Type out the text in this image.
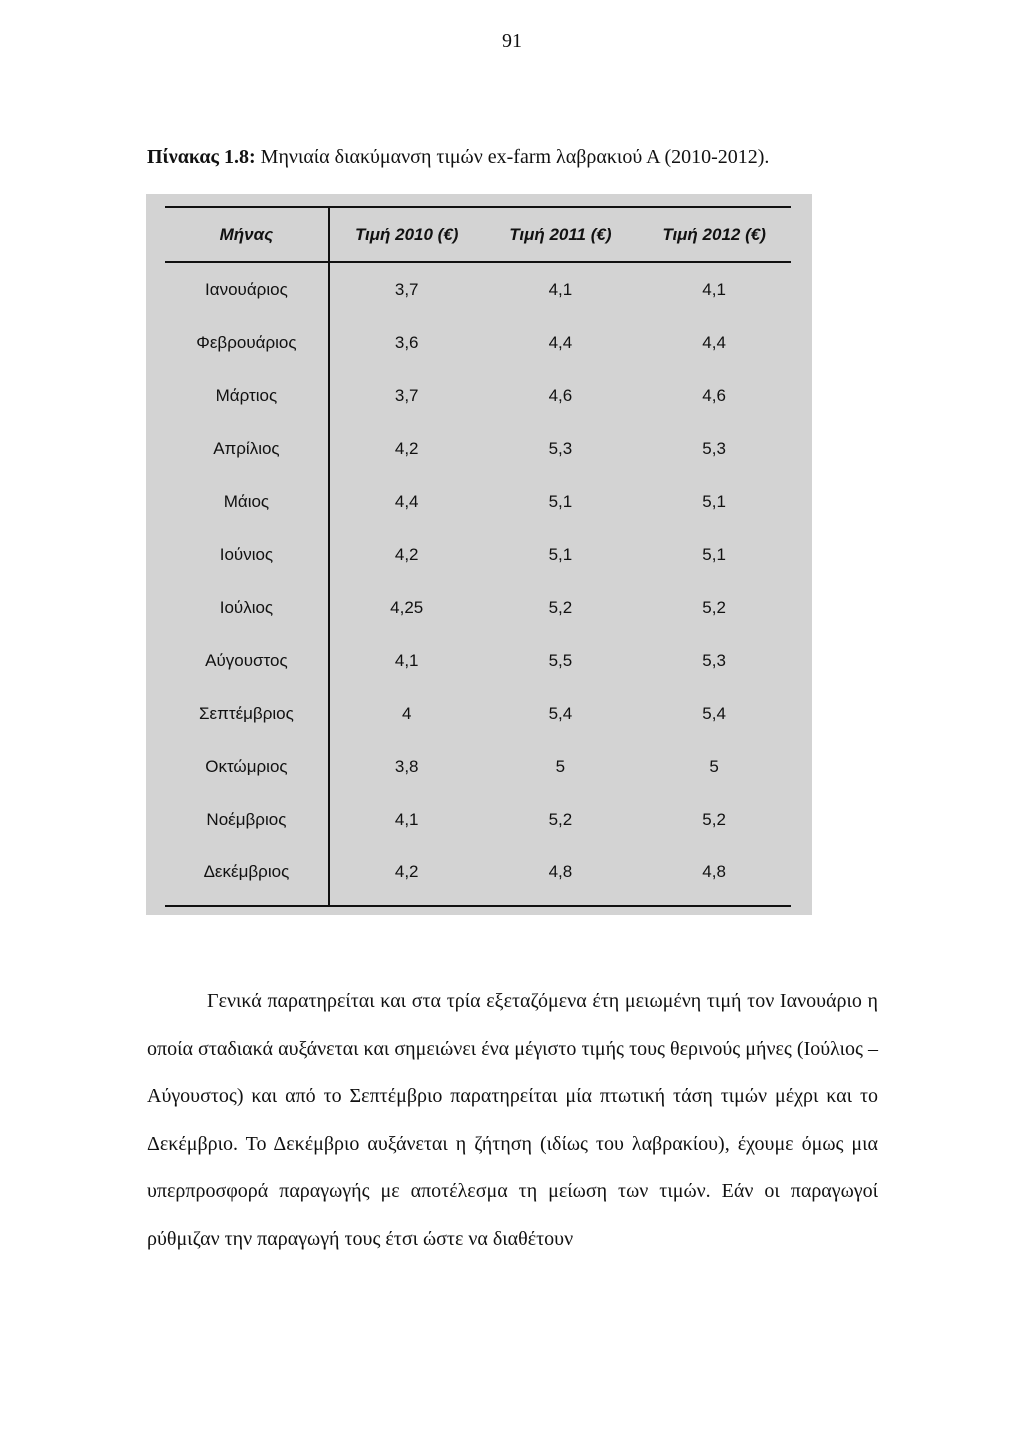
91
Πίνακας 1.8: Μηνιαία διακύμανση τιμών ex-farm λαβρακιού Α (2010-2012).
Μήνας	Τιμή 2010 (€)	Τιμή 2011 (€)	Τιμή 2012 (€)
Ιανουάριος	3,7	4,1	4,1
Φεβρουάριος	3,6	4,4	4,4
Μάρτιος	3,7	4,6	4,6
Απρίλιος	4,2	5,3	5,3
Μάιος	4,4	5,1	5,1
Ιούνιος	4,2	5,1	5,1
Ιούλιος	4,25	5,2	5,2
Αύγουστος	4,1	5,5	5,3
Σεπτέμβριος	4	5,4	5,4
Οκτώμριος	3,8	5	5
Νοέμβριος	4,1	5,2	5,2
Δεκέμβριος	4,2	4,8	4,8

Γενικά παρατηρείται και στα τρία εξεταζόμενα έτη μειωμένη τιμή τον Ιανουάριο η οποία σταδιακά αυξάνεται και σημειώνει ένα μέγιστο τιμής τους θερινούς μήνες (Ιούλιος – Αύγουστος) και από το Σεπτέμβριο παρατηρείται μία πτωτική τάση τιμών μέχρι και το Δεκέμβριο. Το Δεκέμβριο αυξάνεται η ζήτηση (ιδίως του λαβρακίου), έχουμε όμως μια υπερπροσφορά παραγωγής με αποτέλεσμα τη μείωση των τιμών. Εάν οι παραγωγοί ρύθμιζαν την παραγωγή τους έτσι ώστε να διαθέτουν
